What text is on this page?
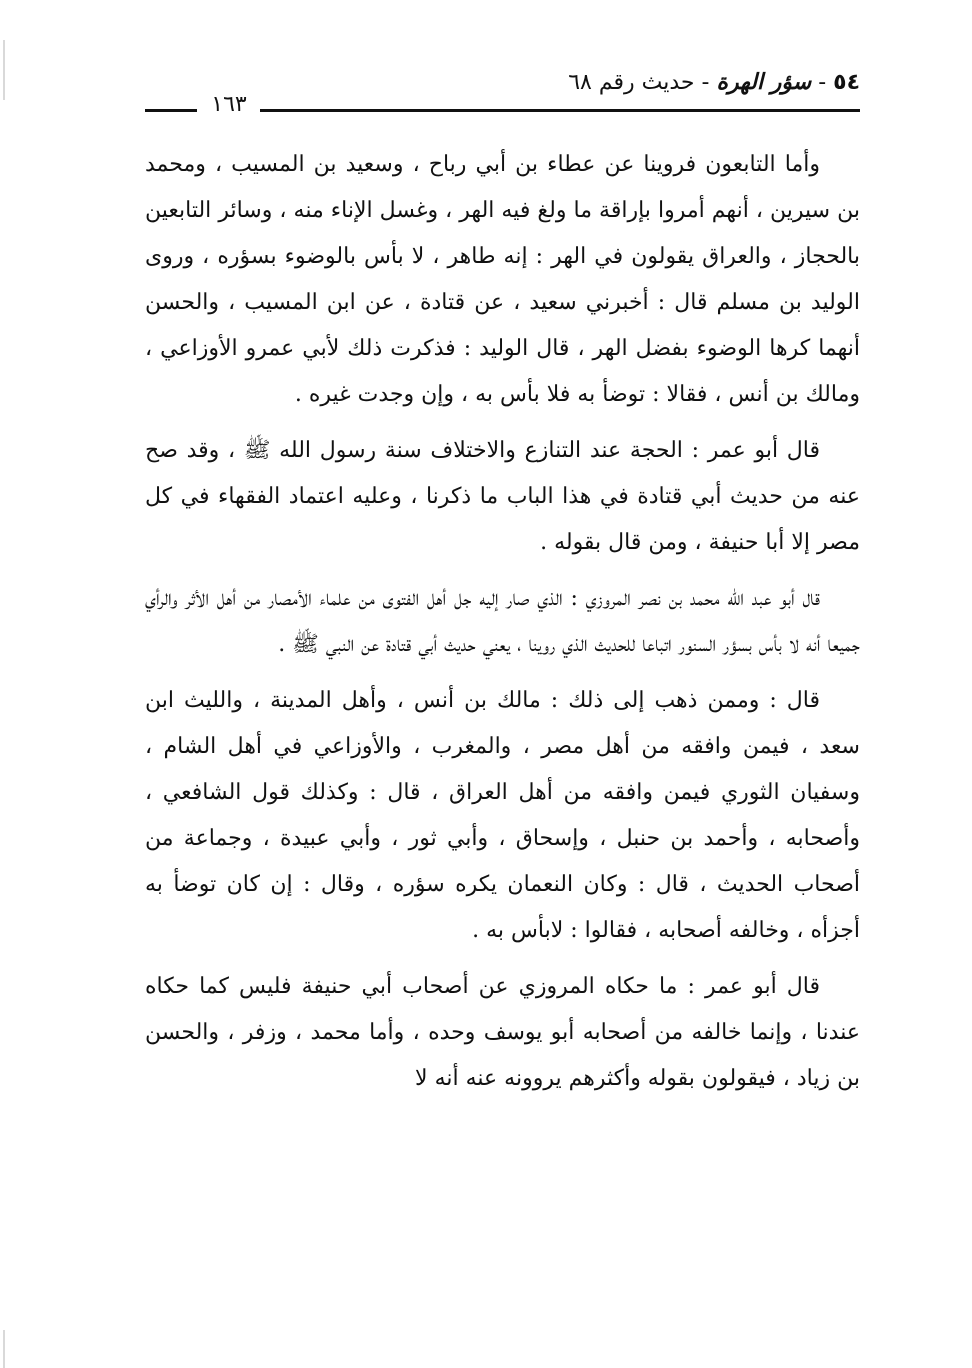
٥٤ - سؤر الهرة - حديث رقم ٦٨
١٦٣

وأما التابعون فروينا عن عطاء بن أبي رباح ، وسعيد بن المسيب ، ومحمد بن سيرين ، أنهم أمروا بإراقة ما ولغ فيه الهر ، وغسل الإناء منه ، وسائر التابعين بالحجاز ، والعراق يقولون في الهر : إنه طاهر ، لا بأس بالوضوء بسؤره ، وروى الوليد بن مسلم قال : أخبرني سعيد ، عن قتادة ، عن ابن المسيب ، والحسن أنهما كرها الوضوء بفضل الهر ، قال الوليد : فذكرت ذلك لأبي عمرو الأوزاعي ، ومالك بن أنس ، فقالا : توضأ به فلا بأس به ، وإن وجدت غيره .

قال أبو عمر : الحجة عند التنازع والاختلاف سنة رسول الله ﷺ ، وقد صح عنه من حديث أبي قتادة في هذا الباب ما ذكرنا ، وعليه اعتماد الفقهاء في كل مصر إلا أبا حنيفة ، ومن قال بقوله .

قال أبو عبد الله محمد بن نصر المروزي : الذي صار إليه جل أهل الفتوى من علماء الأمصار من أهل الأثر والرأي جميعا أنه لا بأس بسؤر السنور اتباعا للحديث الذي روينا ، يعني حديث أبي قتادة عن النبي ﷺ .

قال : وممن ذهب إلى ذلك : مالك بن أنس ، وأهل المدينة ، والليث ابن سعد ، فيمن وافقه من أهل مصر ، والمغرب ، والأوزاعي في أهل الشام ، وسفيان الثوري فيمن وافقه من أهل العراق ، قال : وكذلك قول الشافعي ، وأصحابه ، وأحمد بن حنبل ، وإسحاق ، وأبي ثور ، وأبي عبيدة ، وجماعة من أصحاب الحديث ، قال : وكان النعمان يكره سؤره ، وقال : إن كان توضأ به أجزأه ، وخالفه أصحابه ، فقالوا : لابأس به .

قال أبو عمر : ما حكاه المروزي عن أصحاب أبي حنيفة فليس كما حكاه عندنا ، وإنما خالفه من أصحابه أبو يوسف وحده ، وأما محمد ، وزفر ، والحسن بن زياد ، فيقولون بقوله وأكثرهم يروونه عنه أنه لا
